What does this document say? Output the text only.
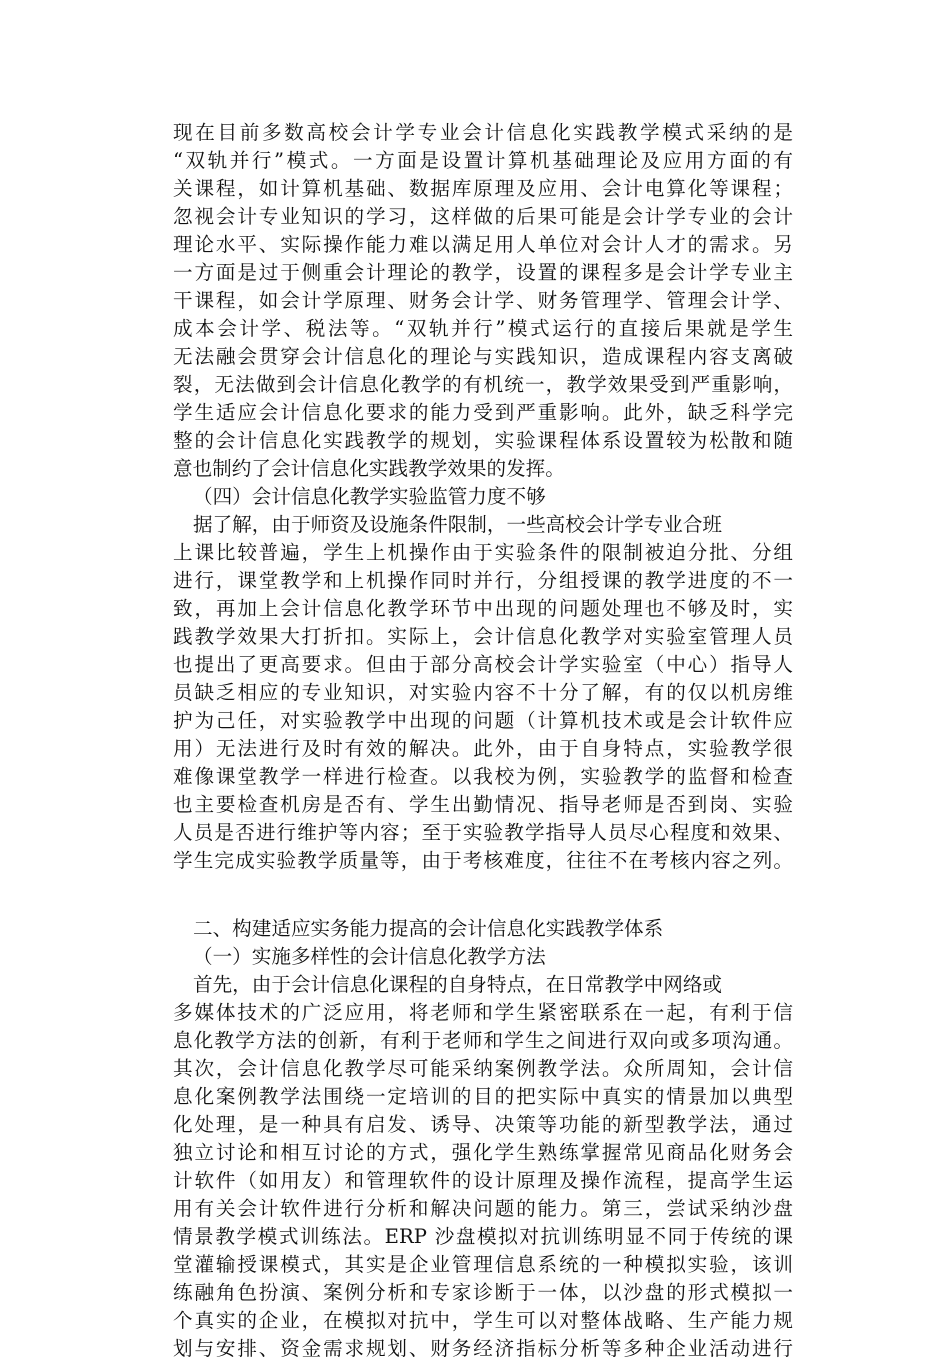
现在目前多数高校会计学专业会计信息化实践教学模式采纳的是
“双轨并行”模式。一方面是设置计算机基础理论及应用方面的有
关课程，如计算机基础、数据库原理及应用、会计电算化等课程；
忽视会计专业知识的学习，这样做的后果可能是会计学专业的会计
理论水平、实际操作能力难以满足用人单位对会计人才的需求。另
一方面是过于侧重会计理论的教学，设置的课程多是会计学专业主
干课程，如会计学原理、财务会计学、财务管理学、管理会计学、
成本会计学、税法等。“双轨并行”模式运行的直接后果就是学生
无法融会贯穿会计信息化的理论与实践知识，造成课程内容支离破
裂，无法做到会计信息化教学的有机统一，教学效果受到严重影响，
学生适应会计信息化要求的能力受到严重影响。此外，缺乏科学完
整的会计信息化实践教学的规划，实验课程体系设置较为松散和随
意也制约了会计信息化实践教学效果的发挥。
（四）会计信息化教学实验监管力度不够
据了解，由于师资及设施条件限制，一些高校会计学专业合班
上课比较普遍，学生上机操作由于实验条件的限制被迫分批、分组
进行，课堂教学和上机操作同时并行，分组授课的教学进度的不一
致，再加上会计信息化教学环节中出现的问题处理也不够及时，实
践教学效果大打折扣。实际上，会计信息化教学对实验室管理人员
也提出了更高要求。但由于部分高校会计学实验室（中心）指导人
员缺乏相应的专业知识，对实验内容不十分了解，有的仅以机房维
护为己任，对实验教学中出现的问题（计算机技术或是会计软件应
用）无法进行及时有效的解决。此外，由于自身特点，实验教学很
难像课堂教学一样进行检查。以我校为例，实验教学的监督和检查
也主要检查机房是否有、学生出勤情况、指导老师是否到岗、实验
人员是否进行维护等内容；至于实验教学指导人员尽心程度和效果、
学生完成实验教学质量等，由于考核难度，往往不在考核内容之列。
二、构建适应实务能力提高的会计信息化实践教学体系
（一）实施多样性的会计信息化教学方法
首先，由于会计信息化课程的自身特点，在日常教学中网络或
多媒体技术的广泛应用，将老师和学生紧密联系在一起，有利于信
息化教学方法的创新，有利于老师和学生之间进行双向或多项沟通。
其次，会计信息化教学尽可能采纳案例教学法。众所周知，会计信
息化案例教学法围绕一定培训的目的把实际中真实的情景加以典型
化处理，是一种具有启发、诱导、决策等功能的新型教学法，通过
独立讨论和相互讨论的方式，强化学生熟练掌握常见商品化财务会
计软件（如用友）和管理软件的设计原理及操作流程，提高学生运
用有关会计软件进行分析和解决问题的能力。第三，尝试采纳沙盘
情景教学模式训练法。ERP 沙盘模拟对抗训练明显不同于传统的课
堂灌输授课模式，其实是企业管理信息系统的一种模拟实验，该训
练融角色扮演、案例分析和专家诊断于一体，以沙盘的形式模拟一
个真实的企业，在模拟对抗中，学生可以对整体战略、生产能力规
划与安排、资金需求规划、财务经济指标分析等多种企业活动进行
